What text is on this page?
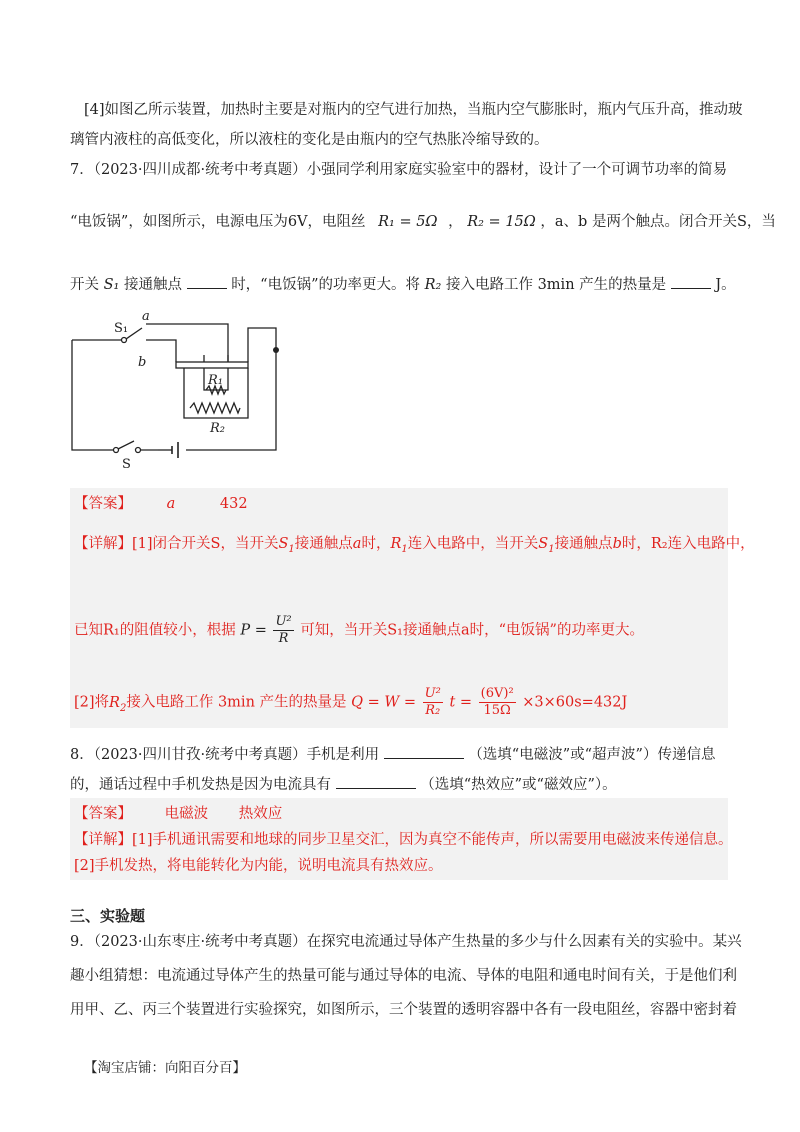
[4]如图乙所示装置，加热时主要是对瓶内的空气进行加热，当瓶内空气膨胀时，瓶内气压升高，推动玻
璃管内液柱的高低变化，所以液柱的变化是由瓶内的空气热胀冷缩导致的。
7．（2023·四川成都·统考中考真题）小强同学利用家庭实验室中的器材，设计了一个可调节功率的简易
“电饭锅”，如图所示，电源电压为6V，电阻丝 R₁ = 5Ω ， R₂ = 15Ω ，a、b 是两个触点。闭合开关S，当
开关 S₁ 接通触点	时，“电饭锅”的功率更大。将 R₂ 接入电路工作 3min 产生的热量是	J。
S₁
a
b
R₁
R₂
S
【答案】 a	432
【详解】[1]闭合开关S，当开关$S_1$接通触点a时，$R_1$连入电路中，当开关$S_1$接通触点b时，R₂连入电路中，
已知R₁的阻值较小，根据 $P = \frac{\text{U²}}{R}$ 可知，当开关S₁接通触点a时，“电饭锅”的功率更大。
[2]将$R_2$接入电路工作 3min 产生的热量是 $Q = W = \frac{\text{U²}}{\text{R₂}}$ $t = \frac{\text{(6V)²}}{15\Omega} \times 3\times 60s=432J$
8．（2023·四川甘孜·统考中考真题）手机是利用	（选填“电磁波”或“超声波”）传递信息
的，通话过程中手机发热是因为电流具有	（选填“热效应”或“磁效应”）。
【答案】 电磁波 热效应
【详解】[1]手机通讯需要和地球的同步卫星交汇，因为真空不能传声，所以需要用电磁波来传递信息。
[2]手机发热，将电能转化为内能，说明电流具有热效应。
三、实验题
9．（2023·山东枣庄·统考中考真题）在探究电流通过导体产生热量的多少与什么因素有关的实验中。某兴
趣小组猜想：电流通过导体产生的热量可能与通过导体的电流、导体的电阻和通电时间有关，于是他们利
用甲、乙、丙三个装置进行实验探究，如图所示，三个装置的透明容器中各有一段电阻丝，容器中密封着
【淘宝店铺：向阳百分百】
